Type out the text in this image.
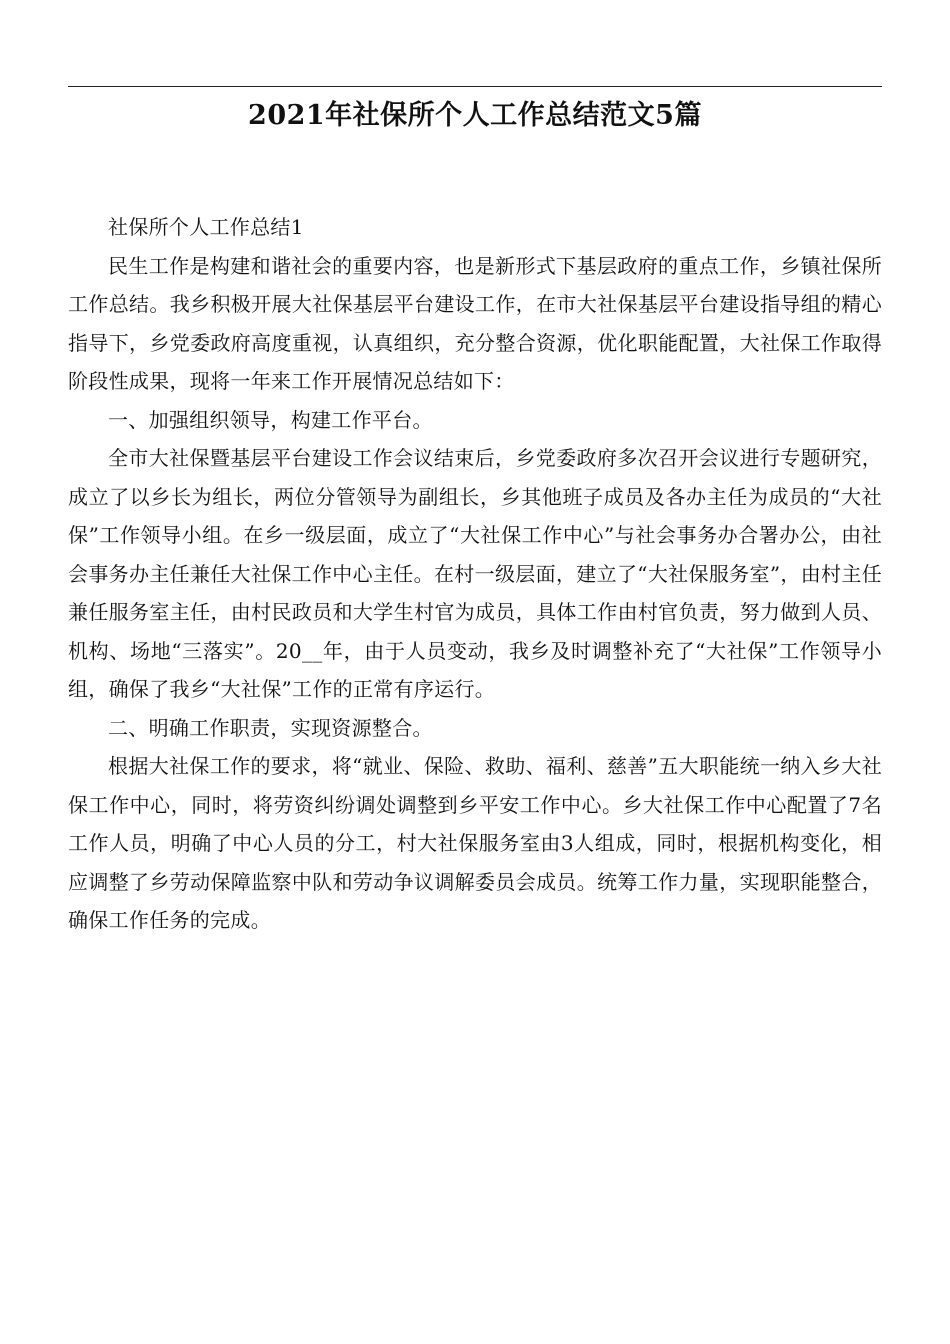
2021年社保所个人工作总结范文5篇

社保所个人工作总结1

民生工作是构建和谐社会的重要内容，也是新形式下基层政府的重点工作，乡镇社保所工作总结。我乡积极开展大社保基层平台建设工作，在市大社保基层平台建设指导组的精心指导下，乡党委政府高度重视，认真组织，充分整合资源，优化职能配置，大社保工作取得阶段性成果，现将一年来工作开展情况总结如下：

一、加强组织领导，构建工作平台。

全市大社保暨基层平台建设工作会议结束后，乡党委政府多次召开会议进行专题研究，成立了以乡长为组长，两位分管领导为副组长，乡其他班子成员及各办主任为成员的“大社保”工作领导小组。在乡一级层面，成立了“大社保工作中心”与社会事务办合署办公，由社会事务办主任兼任大社保工作中心主任。在村一级层面，建立了“大社保服务室”，由村主任兼任服务室主任，由村民政员和大学生村官为成员，具体工作由村官负责，努力做到人员、机构、场地“三落实”。20__年，由于人员变动，我乡及时调整补充了“大社保”工作领导小组，确保了我乡“大社保”工作的正常有序运行。

二、明确工作职责，实现资源整合。

根据大社保工作的要求，将“就业、保险、救助、福利、慈善”五大职能统一纳入乡大社保工作中心，同时，将劳资纠纷调处调整到乡平安工作中心。乡大社保工作中心配置了7名工作人员，明确了中心人员的分工，村大社保服务室由3人组成，同时，根据机构变化，相应调整了乡劳动保障监察中队和劳动争议调解委员会成员。统筹工作力量，实现职能整合，确保工作任务的完成。
